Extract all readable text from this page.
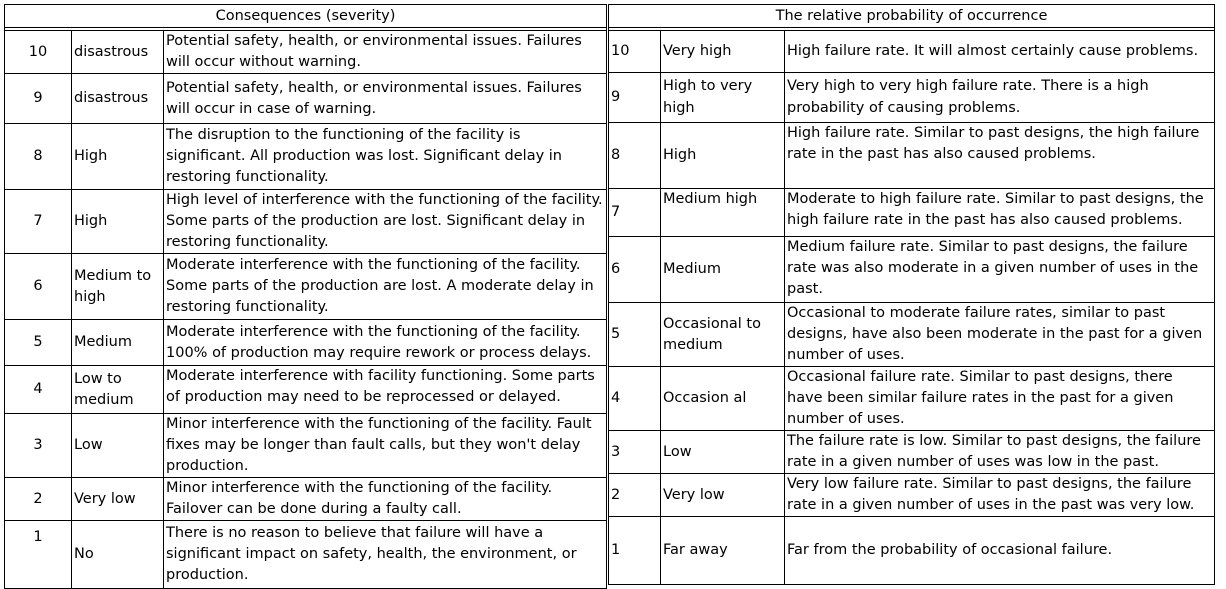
Consequences (severity)		

10	disastrous	Potential safety, health, or environmental issues. Failures will occur without warning.
9	disastrous	Potential safety, health, or environmental issues. Failures will occur in case of warning.
8	High	The disruption to the functioning of the facility is significant. All production was lost. Significant delay in restoring functionality.
7	High	High level of interference with the functioning of the facility. Some parts of the production are lost. Significant delay in restoring functionality.
6	Medium to high	Moderate interference with the functioning of the facility. Some parts of the production are lost. A moderate delay in restoring functionality.
5	Medium	Moderate interference with the functioning of the facility. 100% of production may require rework or process delays.
4	Low to medium	Moderate interference with facility functioning. Some parts of production may need to be reprocessed or delayed.
3	Low	Minor interference with the functioning of the facility. Fault fixes may be longer than fault calls, but they won't delay production.
2	Very low	Minor interference with the functioning of the facility. Failover can be done during a faulty call.
1	No	There is no reason to believe that failure will have a significant impact on safety, health, the environment, or production.
The relative probability of occurrence		

10	Very high	High failure rate. It will almost certainly cause problems.
9	High to very high	Very high to very high failure rate. There is a high probability of causing problems.
8	High	High failure rate. Similar to past designs, the high failure rate in the past has also caused problems.
7	Medium high	Moderate to high failure rate. Similar to past designs, the high failure rate in the past has also caused problems.
6	Medium	Medium failure rate. Similar to past designs, the failure rate was also moderate in a given number of uses in the past.
5	Occasional to medium	Occasional to moderate failure rates, similar to past designs, have also been moderate in the past for a given number of uses.
4	Occasion al	Occasional failure rate. Similar to past designs, there have been similar failure rates in the past for a given number of uses.
3	Low	The failure rate is low. Similar to past designs, the failure rate in a given number of uses was low in the past.
2	Very low	Very low failure rate. Similar to past designs, the failure rate in a given number of uses in the past was very low.
1	Far away	Far from the probability of occasional failure.
